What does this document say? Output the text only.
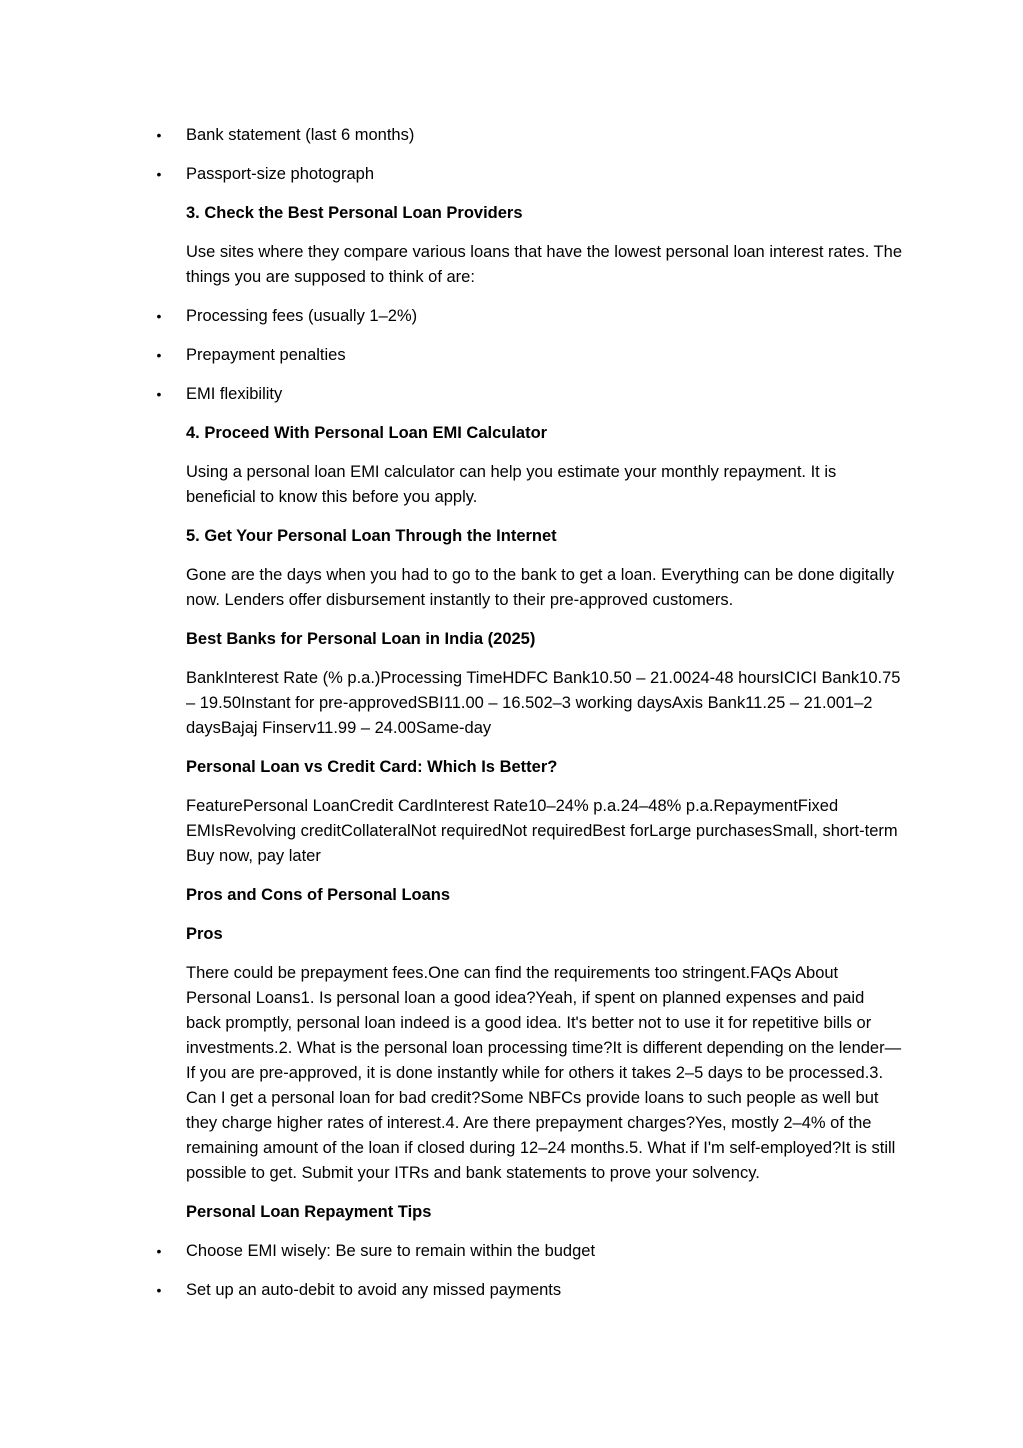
• Bank statement (last 6 months)
• Passport-size photograph
3. Check the Best Personal Loan Providers
Use sites where they compare various loans that have the lowest personal loan interest rates. The things you are supposed to think of are:
• Processing fees (usually 1–2%)
• Prepayment penalties
• EMI flexibility
4. Proceed With Personal Loan EMI Calculator
Using a personal loan EMI calculator can help you estimate your monthly repayment. It is beneficial to know this before you apply.
5. Get Your Personal Loan Through the Internet
Gone are the days when you had to go to the bank to get a loan. Everything can be done digitally now. Lenders offer disbursement instantly to their pre-approved customers.
Best Banks for Personal Loan in India (2025)
BankInterest Rate (% p.a.)Processing TimeHDFC Bank10.50 – 21.0024-48 hoursICICI Bank10.75 – 19.50Instant for pre-approvedSBI11.00 – 16.502–3 working daysAxis Bank11.25 – 21.001–2 daysBajaj Finserv11.99 – 24.00Same-day
Personal Loan vs Credit Card: Which Is Better?
FeaturePersonal LoanCredit CardInterest Rate10–24% p.a.24–48% p.a.RepaymentFixed EMIsRevolving creditCollateralNot requiredNot requiredBest forLarge purchasesSmall, short-term Buy now, pay later
Pros and Cons of Personal Loans
Pros
There could be prepayment fees.One can find the requirements too stringent.FAQs About Personal Loans1. Is personal loan a good idea?Yeah, if spent on planned expenses and paid back promptly, personal loan indeed is a good idea. It's better not to use it for repetitive bills or investments.2. What is the personal loan processing time?It is different depending on the lender—If you are pre-approved, it is done instantly while for others it takes 2–5 days to be processed.3. Can I get a personal loan for bad credit?Some NBFCs provide loans to such people as well but they charge higher rates of interest.4. Are there prepayment charges?Yes, mostly 2–4% of the remaining amount of the loan if closed during 12–24 months.5. What if I'm self-employed?It is still possible to get. Submit your ITRs and bank statements to prove your solvency.
Personal Loan Repayment Tips
• Choose EMI wisely: Be sure to remain within the budget
• Set up an auto-debit to avoid any missed payments
